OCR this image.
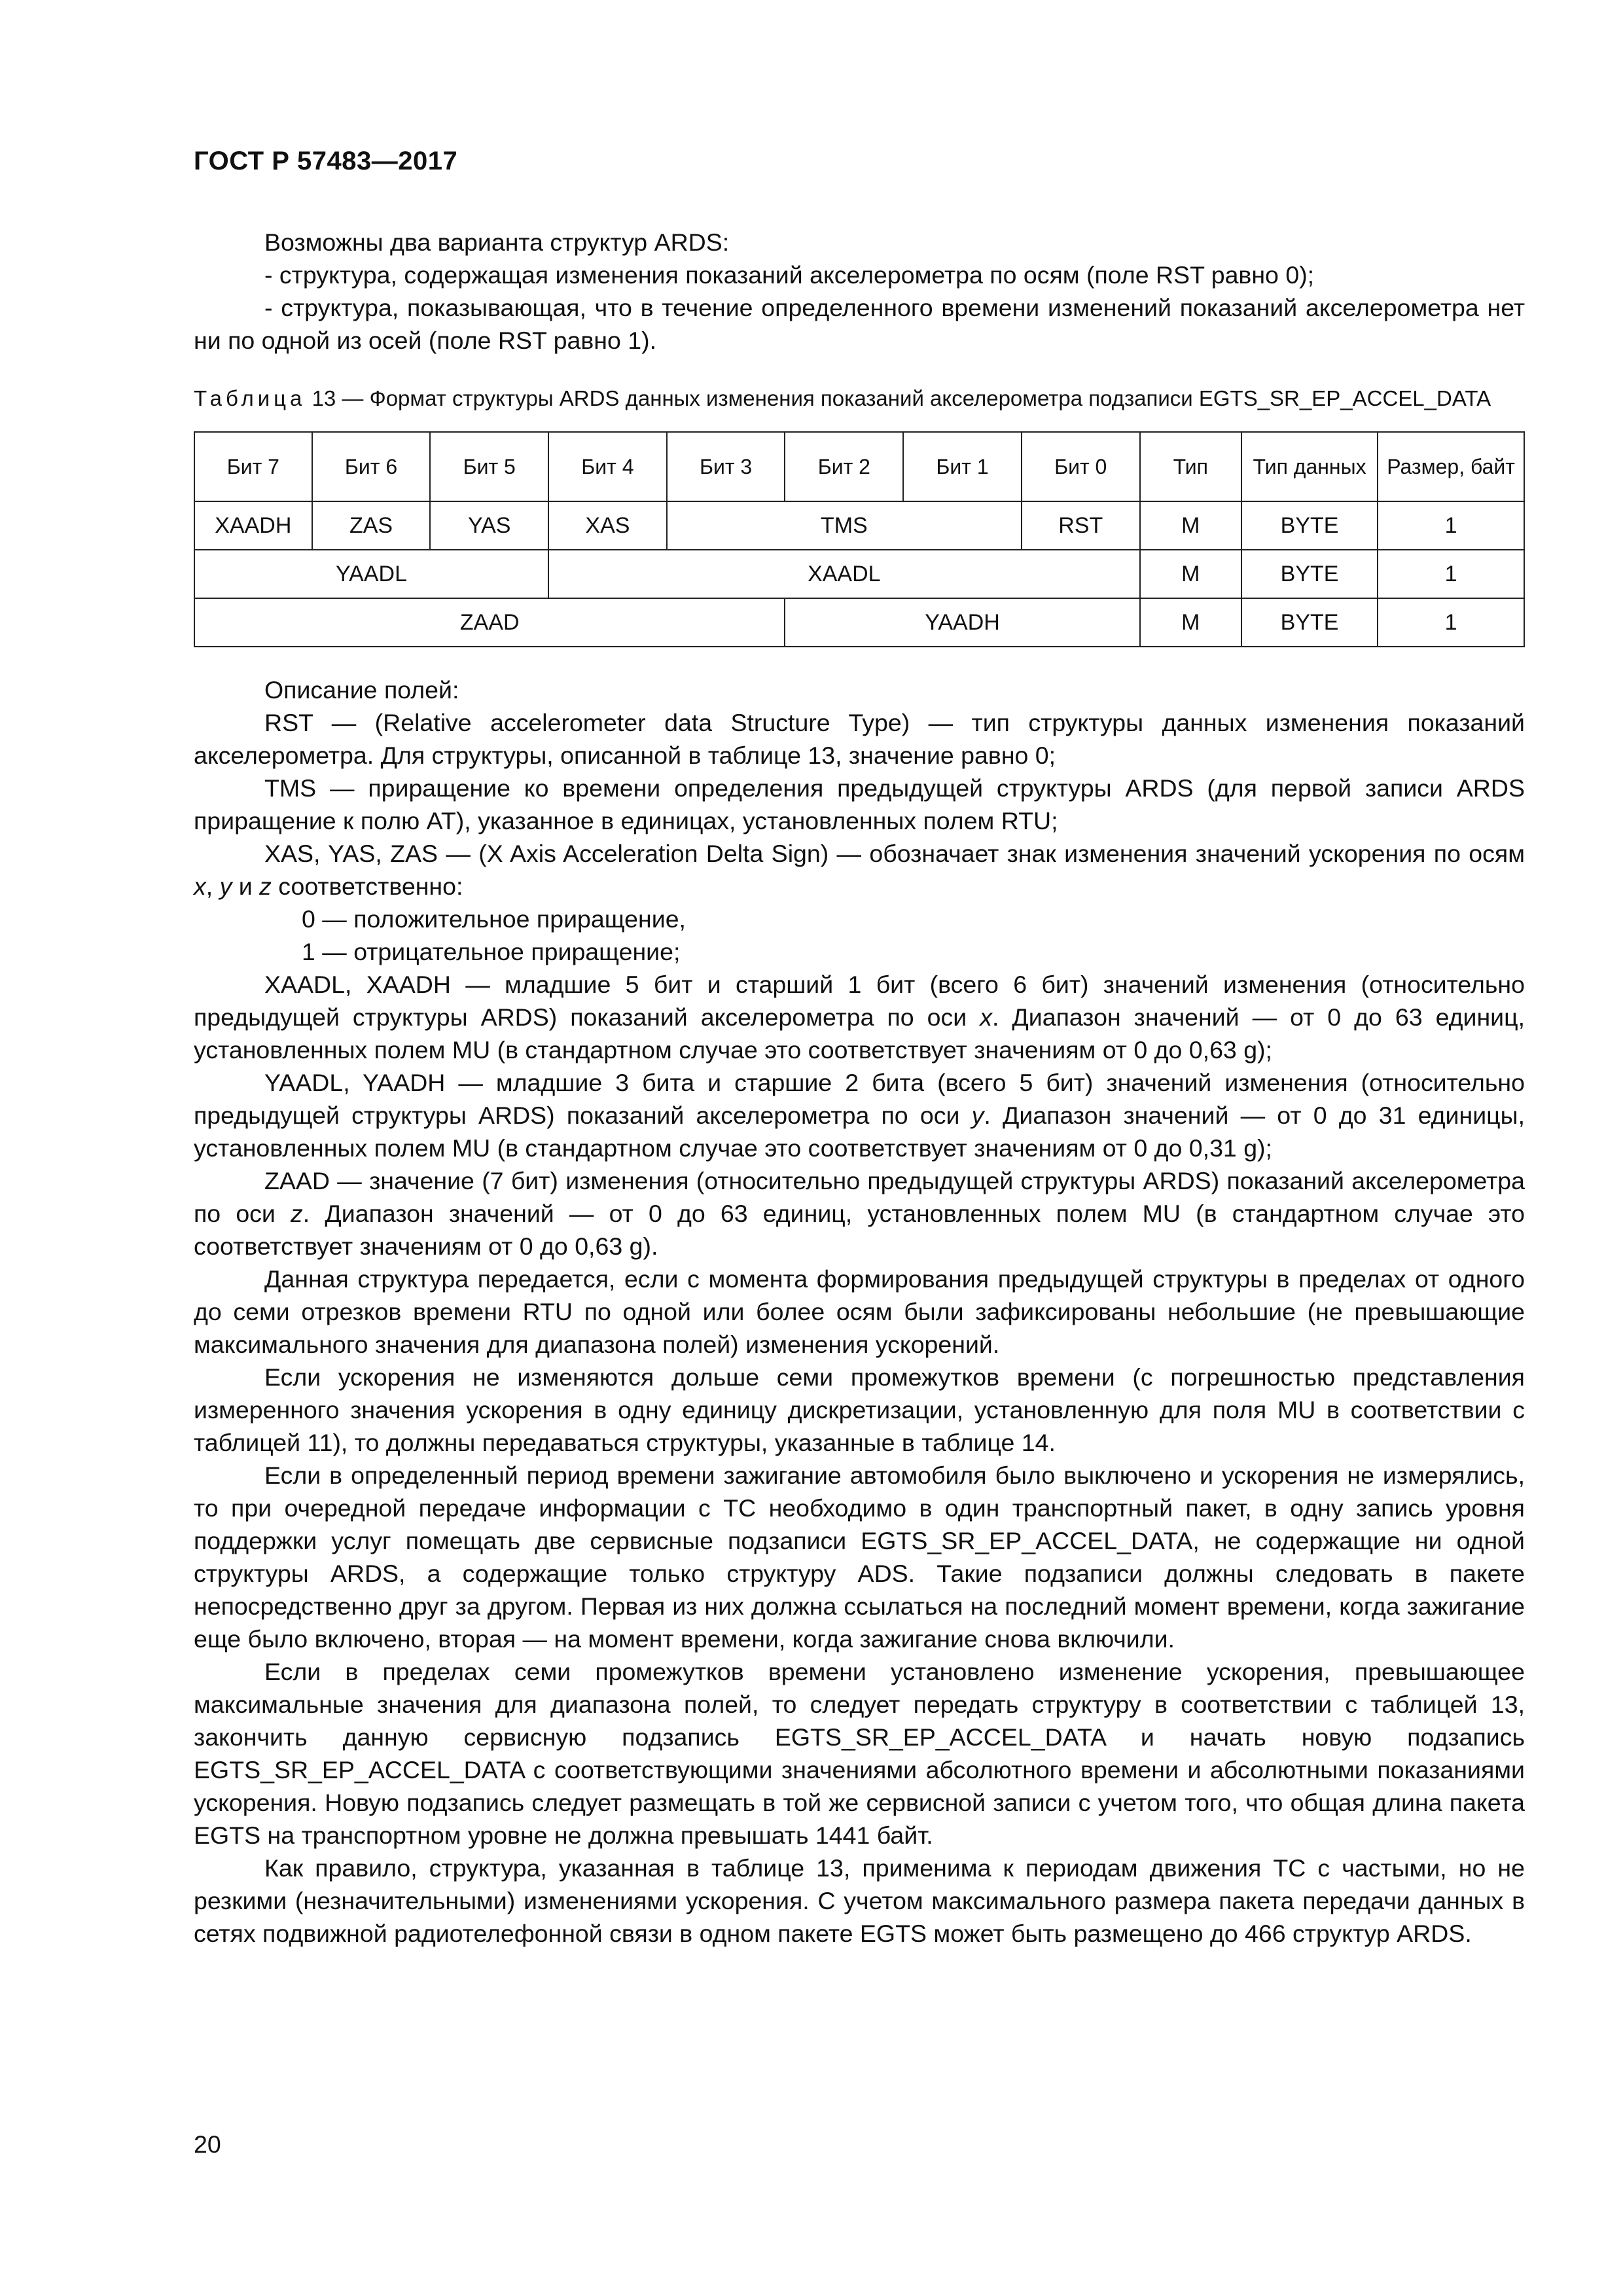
ГОСТ Р 57483—2017

Возможны два варианта структур ARDS:

- структура, содержащая изменения показаний акселерометра по осям (поле RST равно 0);

- структура, показывающая, что в течение определенного времени изменений показаний акселерометра нет ни по одной из осей (поле RST равно 1).

Таблица 13 — Формат структуры ARDS данных изменения показаний акселерометра подзаписи EGTS_SR_EP_ACCEL_DATA
Бит 7	Бит 6	Бит 5	Бит 4	Бит 3	Бит 2	Бит 1	Бит 0	Тип	Тип данных	Размер, байт
XAADH	ZAS	YAS	XAS	TMS			RST	M	BYTE	1
YAADL			XAADL					M	BYTE	1
ZAAD					YAADH			M	BYTE	1

Описание полей:

RST — (Relative accelerometer data Structure Type) — тип структуры данных изменения показаний акселерометра. Для структуры, описанной в таблице 13, значение равно 0;

TMS — приращение ко времени определения предыдущей структуры ARDS (для первой записи ARDS приращение к полю AT), указанное в единицах, установленных полем RTU;

XAS, YAS, ZAS — (X Axis Acceleration Delta Sign) — обозначает знак изменения значений ускорения по осям x, y и z соответственно:

0 — положительное приращение,

1 — отрицательное приращение;

XAADL, XAADH — младшие 5 бит и старший 1 бит (всего 6 бит) значений изменения (относительно предыдущей структуры ARDS) показаний акселерометра по оси x. Диапазон значений — от 0 до 63 единиц, установленных полем MU (в стандартном случае это соответствует значениям от 0 до 0,63 g);

YAADL, YAADH — младшие 3 бита и старшие 2 бита (всего 5 бит) значений изменения (относительно предыдущей структуры ARDS) показаний акселерометра по оси y. Диапазон значений — от 0 до 31 единицы, установленных полем MU (в стандартном случае это соответствует значениям от 0 до 0,31 g);

ZAAD — значение (7 бит) изменения (относительно предыдущей структуры ARDS) показаний акселерометра по оси z. Диапазон значений — от 0 до 63 единиц, установленных полем MU (в стандартном случае это соответствует значениям от 0 до 0,63 g).

Данная структура передается, если с момента формирования предыдущей структуры в пределах от одного до семи отрезков времени RTU по одной или более осям были зафиксированы небольшие (не превышающие максимального значения для диапазона полей) изменения ускорений.

Если ускорения не изменяются дольше семи промежутков времени (с погрешностью представления измеренного значения ускорения в одну единицу дискретизации, установленную для поля MU в соответствии с таблицей 11), то должны передаваться структуры, указанные в таблице 14.

Если в определенный период времени зажигание автомобиля было выключено и ускорения не измерялись, то при очередной передаче информации с ТС необходимо в один транспортный пакет, в одну запись уровня поддержки услуг помещать две сервисные подзаписи EGTS_SR_EP_ACCEL_DATA, не содержащие ни одной структуры ARDS, а содержащие только структуру ADS. Такие подзаписи должны следовать в пакете непосредственно друг за другом. Первая из них должна ссылаться на последний момент времени, когда зажигание еще было включено, вторая — на момент времени, когда зажигание снова включили.

Если в пределах семи промежутков времени установлено изменение ускорения, превышающее максимальные значения для диапазона полей, то следует передать структуру в соответствии с таблицей 13, закончить данную сервисную подзапись EGTS_SR_EP_ACCEL_DATA и начать новую подзапись EGTS_SR_EP_ACCEL_DATA с соответствующими значениями абсолютного времени и абсолютными показаниями ускорения. Новую подзапись следует размещать в той же сервисной записи с учетом того, что общая длина пакета EGTS на транспортном уровне не должна превышать 1441 байт.

Как правило, структура, указанная в таблице 13, применима к периодам движения ТС с частыми, но не резкими (незначительными) изменениями ускорения. С учетом максимального размера пакета передачи данных в сетях подвижной радиотелефонной связи в одном пакете EGTS может быть размещено до 466 структур ARDS.

20
